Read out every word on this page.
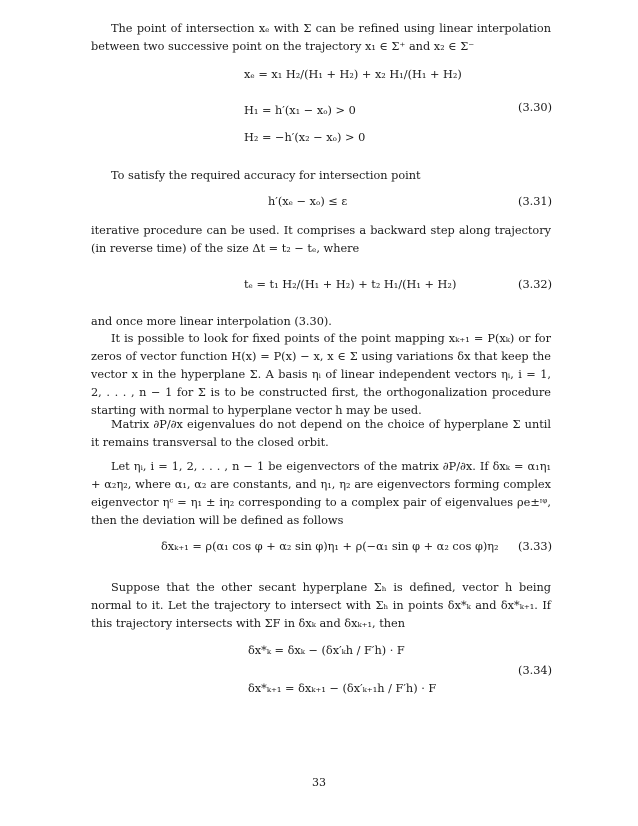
The point of intersection xₑ with Σ can be refined using linear interpolation between two successive point on the trajectory x₁ ∈ Σ⁺ and x₂ ∈ Σ⁻

xₑ = x₁ H₂/(H₁ + H₂) + x₂ H₁/(H₁ + H₂)
H₁ = h′(x₁ − xₒ) > 0
H₂ = −h′(x₂ − xₒ) > 0
(3.30)

To satisfy the required accuracy for intersection point

h′(xₑ − xₒ) ≤ ε	(3.31)

iterative procedure can be used. It comprises a backward step along trajectory (in reverse time) of the size Δt = t₂ − tₑ, where

tₑ = t₁ H₂/(H₁ + H₂) + t₂ H₁/(H₁ + H₂)	(3.32)

and once more linear interpolation (3.30).

It is possible to look for fixed points of the point mapping xₖ₊₁ = P(xₖ) or for zeros of vector function H(x) = P(x) − x, x ∈ Σ using variations δx that keep the vector x in the hyperplane Σ. A basis ηᵢ of linear independent vectors ηᵢ, i = 1, 2, . . . , n − 1 for Σ is to be constructed first, the orthogonalization procedure starting with normal to hyperplane vector h may be used.

Matrix ∂P/∂x eigenvalues do not depend on the choice of hyperplane Σ until it remains transversal to the closed orbit.

Let ηᵢ, i = 1, 2, . . . , n − 1 be eigenvectors of the matrix ∂P/∂x. If δxₖ = α₁η₁ + α₂η₂, where α₁, α₂ are constants, and η₁, η₂ are eigenvectors forming complex eigenvector ηᶜ = η₁ ± iη₂ corresponding to a complex pair of eigenvalues ρe±ᶦᵠ, then the deviation will be defined as follows

δxₖ₊₁ = ρ(α₁ cos φ + α₂ sin φ)η₁ + ρ(−α₁ sin φ + α₂ cos φ)η₂ (3.33)

Suppose that the other secant hyperplane Σₕ is defined, vector h being normal to it. Let the trajectory to intersect with Σₕ in points δx*ₖ and δx*ₖ₊₁. If this trajectory intersects with ΣF in δxₖ and δxₖ₊₁, then

δx*ₖ = δxₖ − (δx′ₖh / F′h) · F
δx*ₖ₊₁ = δxₖ₊₁ − (δx′ₖ₊₁h / F′h) · F
(3.34)
33
